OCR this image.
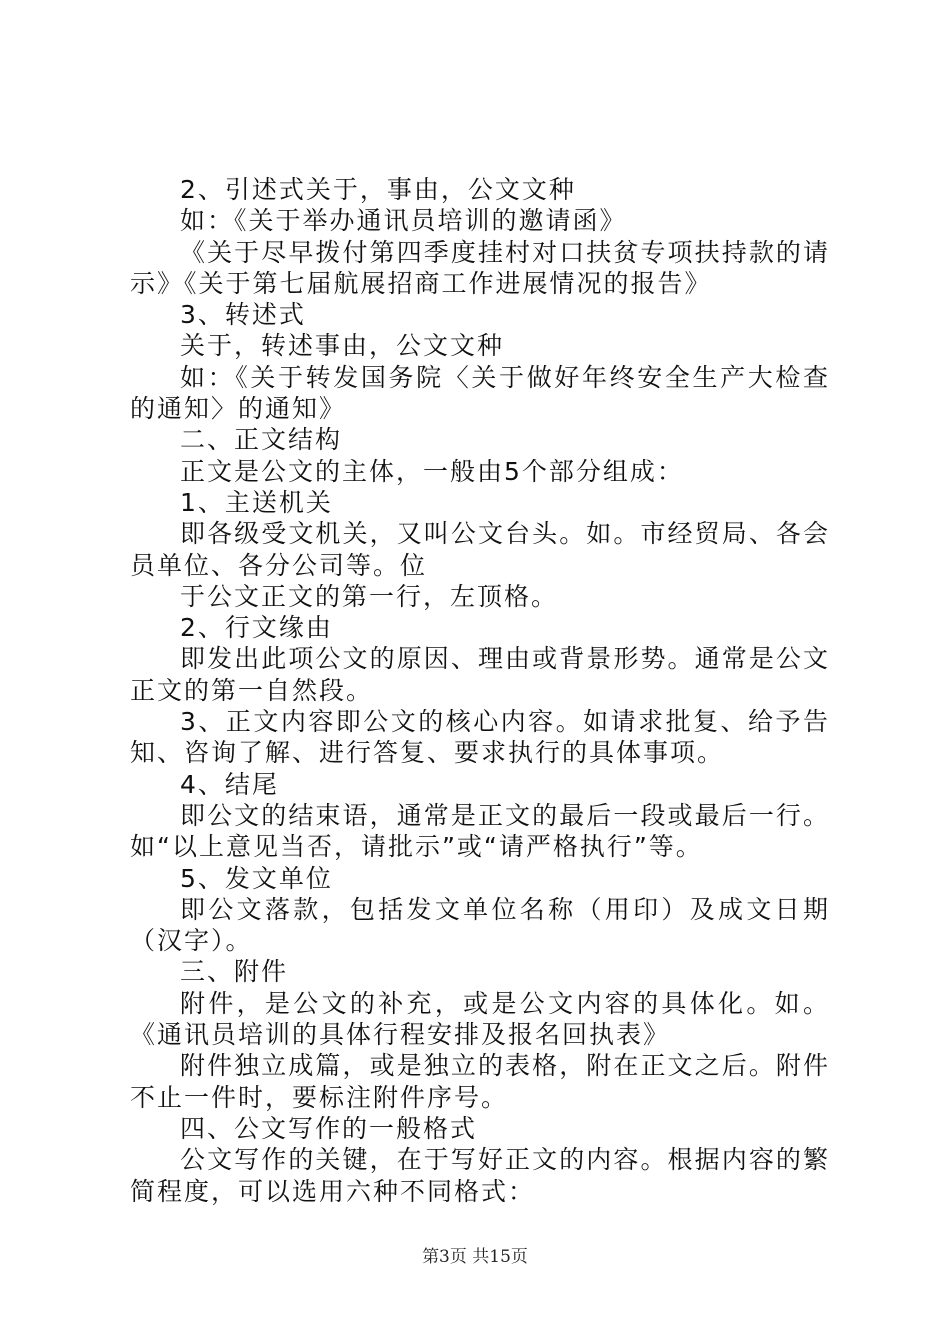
2、引述式关于，事由，公文文种

如：《关于举办通讯员培训的邀请函》

《关于尽早拨付第四季度挂村对口扶贫专项扶持款的请示》《关于第七届航展招商工作进展情况的报告》

3、转述式

关于，转述事由，公文文种

如：《关于转发国务院〈关于做好年终安全生产大检查的通知〉的通知》

二、正文结构

正文是公文的主体，一般由5个部分组成：

1、主送机关

即各级受文机关，又叫公文台头。如。市经贸局、各会员单位、各分公司等。位

于公文正文的第一行，左顶格。

2、行文缘由

即发出此项公文的原因、理由或背景形势。通常是公文正文的第一自然段。

3、正文内容即公文的核心内容。如请求批复、给予告知、咨询了解、进行答复、要求执行的具体事项。

4、结尾

即公文的结束语，通常是正文的最后一段或最后一行。如“以上意见当否，请批示”或“请严格执行”等。

5、发文单位

即公文落款，包括发文单位名称（用印）及成文日期（汉字）。

三、附件

附件，是公文的补充，或是公文内容的具体化。如。《通讯员培训的具体行程安排及报名回执表》

附件独立成篇，或是独立的表格，附在正文之后。附件不止一件时，要标注附件序号。

四、公文写作的一般格式

公文写作的关键，在于写好正文的内容。根据内容的繁简程度，可以选用六种不同格式：

第3页 共15页
